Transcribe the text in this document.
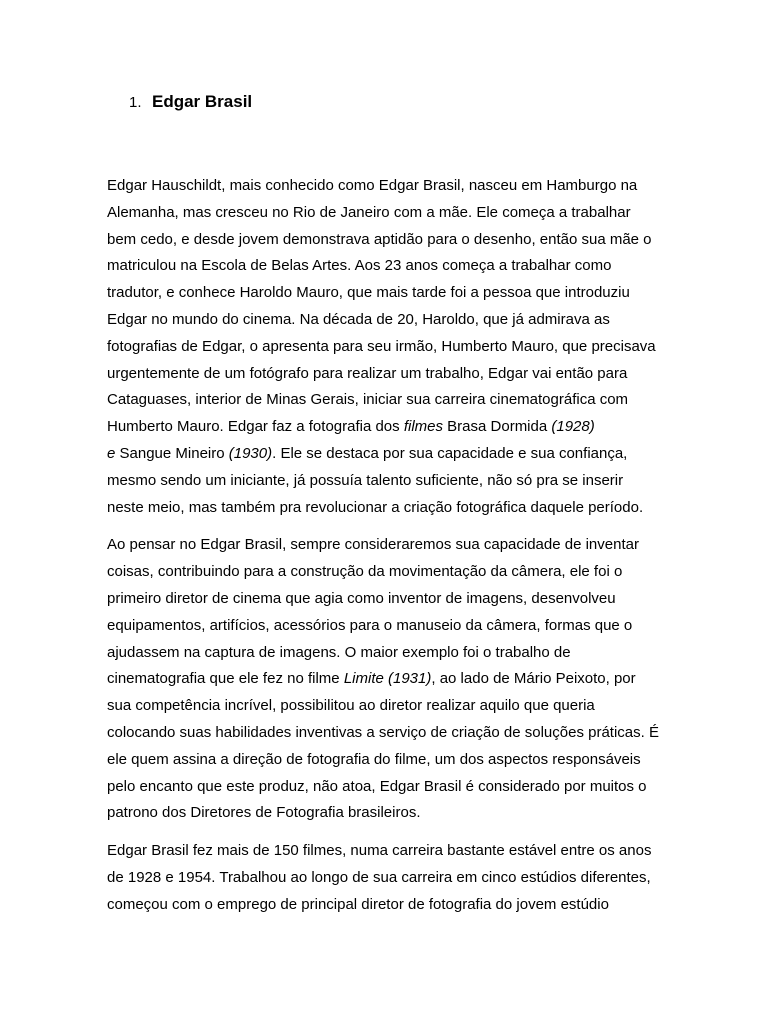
1. Edgar Brasil

Edgar Hauschildt, mais conhecido como Edgar Brasil, nasceu em Hamburgo na
Alemanha, mas cresceu no Rio de Janeiro com a mãe. Ele começa a trabalhar
bem cedo, e desde jovem demonstrava aptidão para o desenho, então sua mãe o
matriculou na Escola de Belas Artes. Aos 23 anos começa a trabalhar como
tradutor, e conhece Haroldo Mauro, que mais tarde foi a pessoa que introduziu
Edgar no mundo do cinema. Na década de 20, Haroldo, que já admirava as
fotografias de Edgar, o apresenta para seu irmão, Humberto Mauro, que precisava
urgentemente de um fotógrafo para realizar um trabalho, Edgar vai então para
Cataguases, interior de Minas Gerais, iniciar sua carreira cinematográfica com
Humberto Mauro. Edgar faz a fotografia dos filmes Brasa Dormida (1928)
e Sangue Mineiro (1930). Ele se destaca por sua capacidade e sua confiança,
mesmo sendo um iniciante, já possuía talento suficiente, não só pra se inserir
neste meio, mas também pra revolucionar a criação fotográfica daquele período.

Ao pensar no Edgar Brasil, sempre consideraremos sua capacidade de inventar
coisas, contribuindo para a construção da movimentação da câmera, ele foi o
primeiro diretor de cinema que agia como inventor de imagens, desenvolveu
equipamentos, artifícios, acessórios para o manuseio da câmera, formas que o
ajudassem na captura de imagens. O maior exemplo foi o trabalho de
cinematografia que ele fez no filme Limite (1931), ao lado de Mário Peixoto, por
sua competência incrível, possibilitou ao diretor realizar aquilo que queria
colocando suas habilidades inventivas a serviço de criação de soluções práticas. É
ele quem assina a direção de fotografia do filme, um dos aspectos responsáveis
pelo encanto que este produz, não atoa, Edgar Brasil é considerado por muitos o
patrono dos Diretores de Fotografia brasileiros.

Edgar Brasil fez mais de 150 filmes, numa carreira bastante estável entre os anos
de 1928 e 1954. Trabalhou ao longo de sua carreira em cinco estúdios diferentes,
começou com o emprego de principal diretor de fotografia do jovem estúdio
